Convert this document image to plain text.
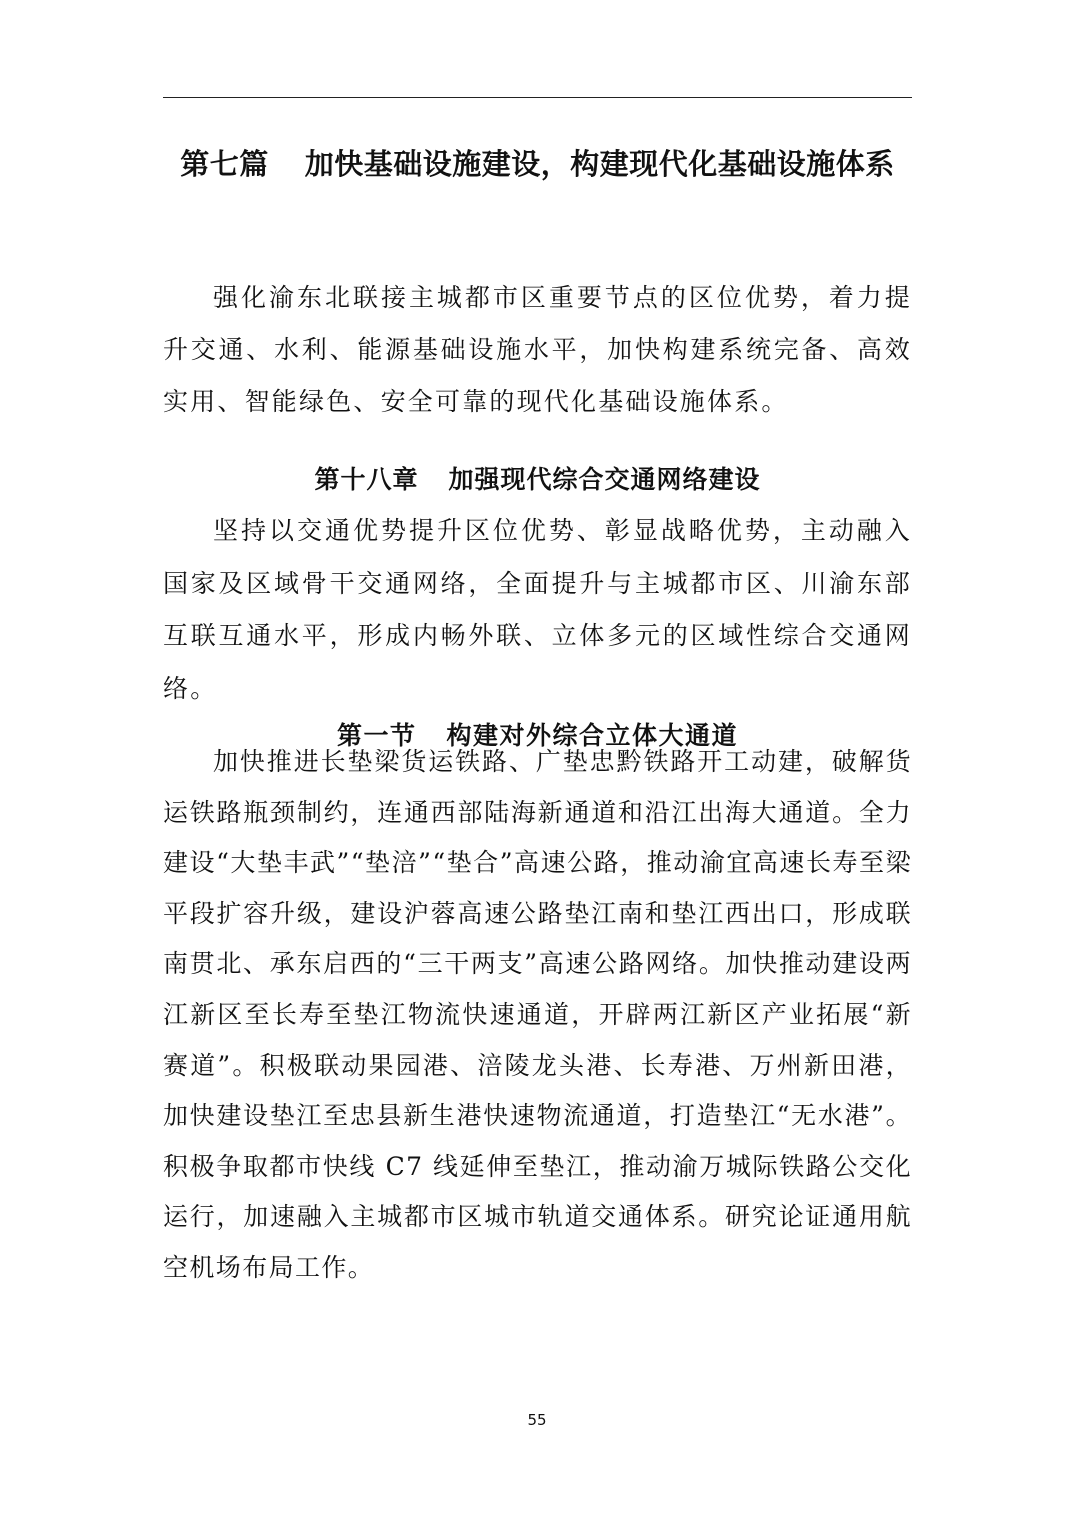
第七篇 加快基础设施建设，构建现代化基础设施体系

强化渝东北联接主城都市区重要节点的区位优势，着力提升交通、水利、能源基础设施水平，加快构建系统完备、高效实用、智能绿色、安全可靠的现代化基础设施体系。

第十八章 加强现代综合交通网络建设

坚持以交通优势提升区位优势、彰显战略优势，主动融入国家及区域骨干交通网络，全面提升与主城都市区、川渝东部互联互通水平，形成内畅外联、立体多元的区域性综合交通网络。

第一节 构建对外综合立体大通道

加快推进长垫梁货运铁路、广垫忠黔铁路开工动建，破解货运铁路瓶颈制约，连通西部陆海新通道和沿江出海大通道。全力建设“大垫丰武”“垫涪”“垫合”高速公路，推动渝宜高速长寿至梁平段扩容升级，建设沪蓉高速公路垫江南和垫江西出口，形成联南贯北、承东启西的“三干两支”高速公路网络。加快推动建设两江新区至长寿至垫江物流快速通道，开辟两江新区产业拓展“新赛道”。积极联动果园港、涪陵龙头港、长寿港、万州新田港，加快建设垫江至忠县新生港快速物流通道，打造垫江“无水港”。积极争取都市快线 C7 线延伸至垫江，推动渝万城际铁路公交化运行，加速融入主城都市区城市轨道交通体系。研究论证通用航空机场布局工作。

55
